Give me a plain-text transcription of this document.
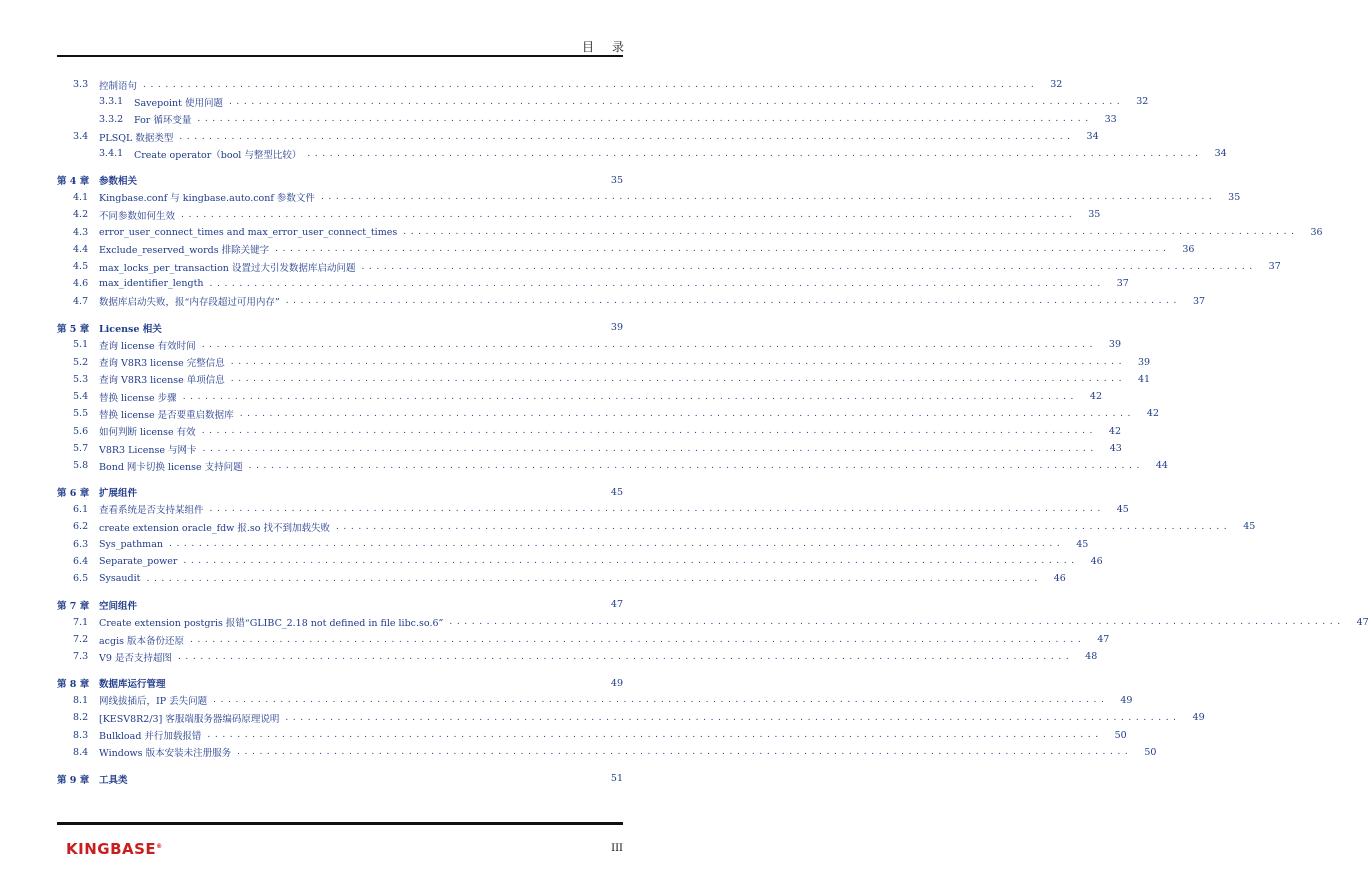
目录
3.3	控制语句 ........................................................................................................................	32
3.3.1	Savepoint 使用问题 ........................................................................................................................	32
3.3.2	For 循环变量 ........................................................................................................................	33
3.4	PLSQL 数据类型 ........................................................................................................................	34
3.4.1	Create operator（bool 与整型比较） ........................................................................................................................	34
第 4 章	参数相关	35
4.1	Kingbase.conf 与 kingbase.auto.conf 参数文件 ........................................................................................................................	35
4.2	不同参数如何生效 ........................................................................................................................	35
4.3	error_user_connect_times and max_error_user_connect_times ........................................................................................................................	36
4.4	Exclude_reserved_words 排除关键字 ........................................................................................................................	36
4.5	max_locks_per_transaction 设置过大引发数据库启动问题 ........................................................................................................................	37
4.6	max_identifier_length ........................................................................................................................	37
4.7	数据库启动失败，报“内存段超过可用内存” ........................................................................................................................	37
第 5 章	License 相关	39
5.1	查询 license 有效时间 ........................................................................................................................	39
5.2	查询 V8R3 license 完整信息 ........................................................................................................................	39
5.3	查询 V8R3 license 单项信息 ........................................................................................................................	41
5.4	替换 license 步骤 ........................................................................................................................	42
5.5	替换 license 是否要重启数据库 ........................................................................................................................	42
5.6	如何判断 license 有效 ........................................................................................................................	42
5.7	V8R3 License 与网卡 ........................................................................................................................	43
5.8	Bond 网卡切换 license 支持问题 ........................................................................................................................	44
第 6 章	扩展组件	45
6.1	查看系统是否支持某组件 ........................................................................................................................	45
6.2	create extension oracle_fdw 报.so 找不到加载失败 ........................................................................................................................	45
6.3	Sys_pathman ........................................................................................................................	45
6.4	Separate_power ........................................................................................................................	46
6.5	Sysaudit ........................................................................................................................	46
第 7 章	空间组件	47
7.1	Create extension postgris 报错“GLIBC_2.18 not defined in file libc.so.6” ........................................................................................................................	47
7.2	acgis 版本备份还原 ........................................................................................................................	47
7.3	V9 是否支持超图 ........................................................................................................................	48
第 8 章	数据库运行管理	49
8.1	网线拔插后，IP 丢失问题 ........................................................................................................................	49
8.2	[KESV8R2/3] 客服端服务器编码原理说明 ........................................................................................................................	49
8.3	Bulkload 并行加载报错 ........................................................................................................................	50
8.4	Windows 版本安装未注册服务 ........................................................................................................................	50
第 9 章	工具类	51
KINGBASE®	III
